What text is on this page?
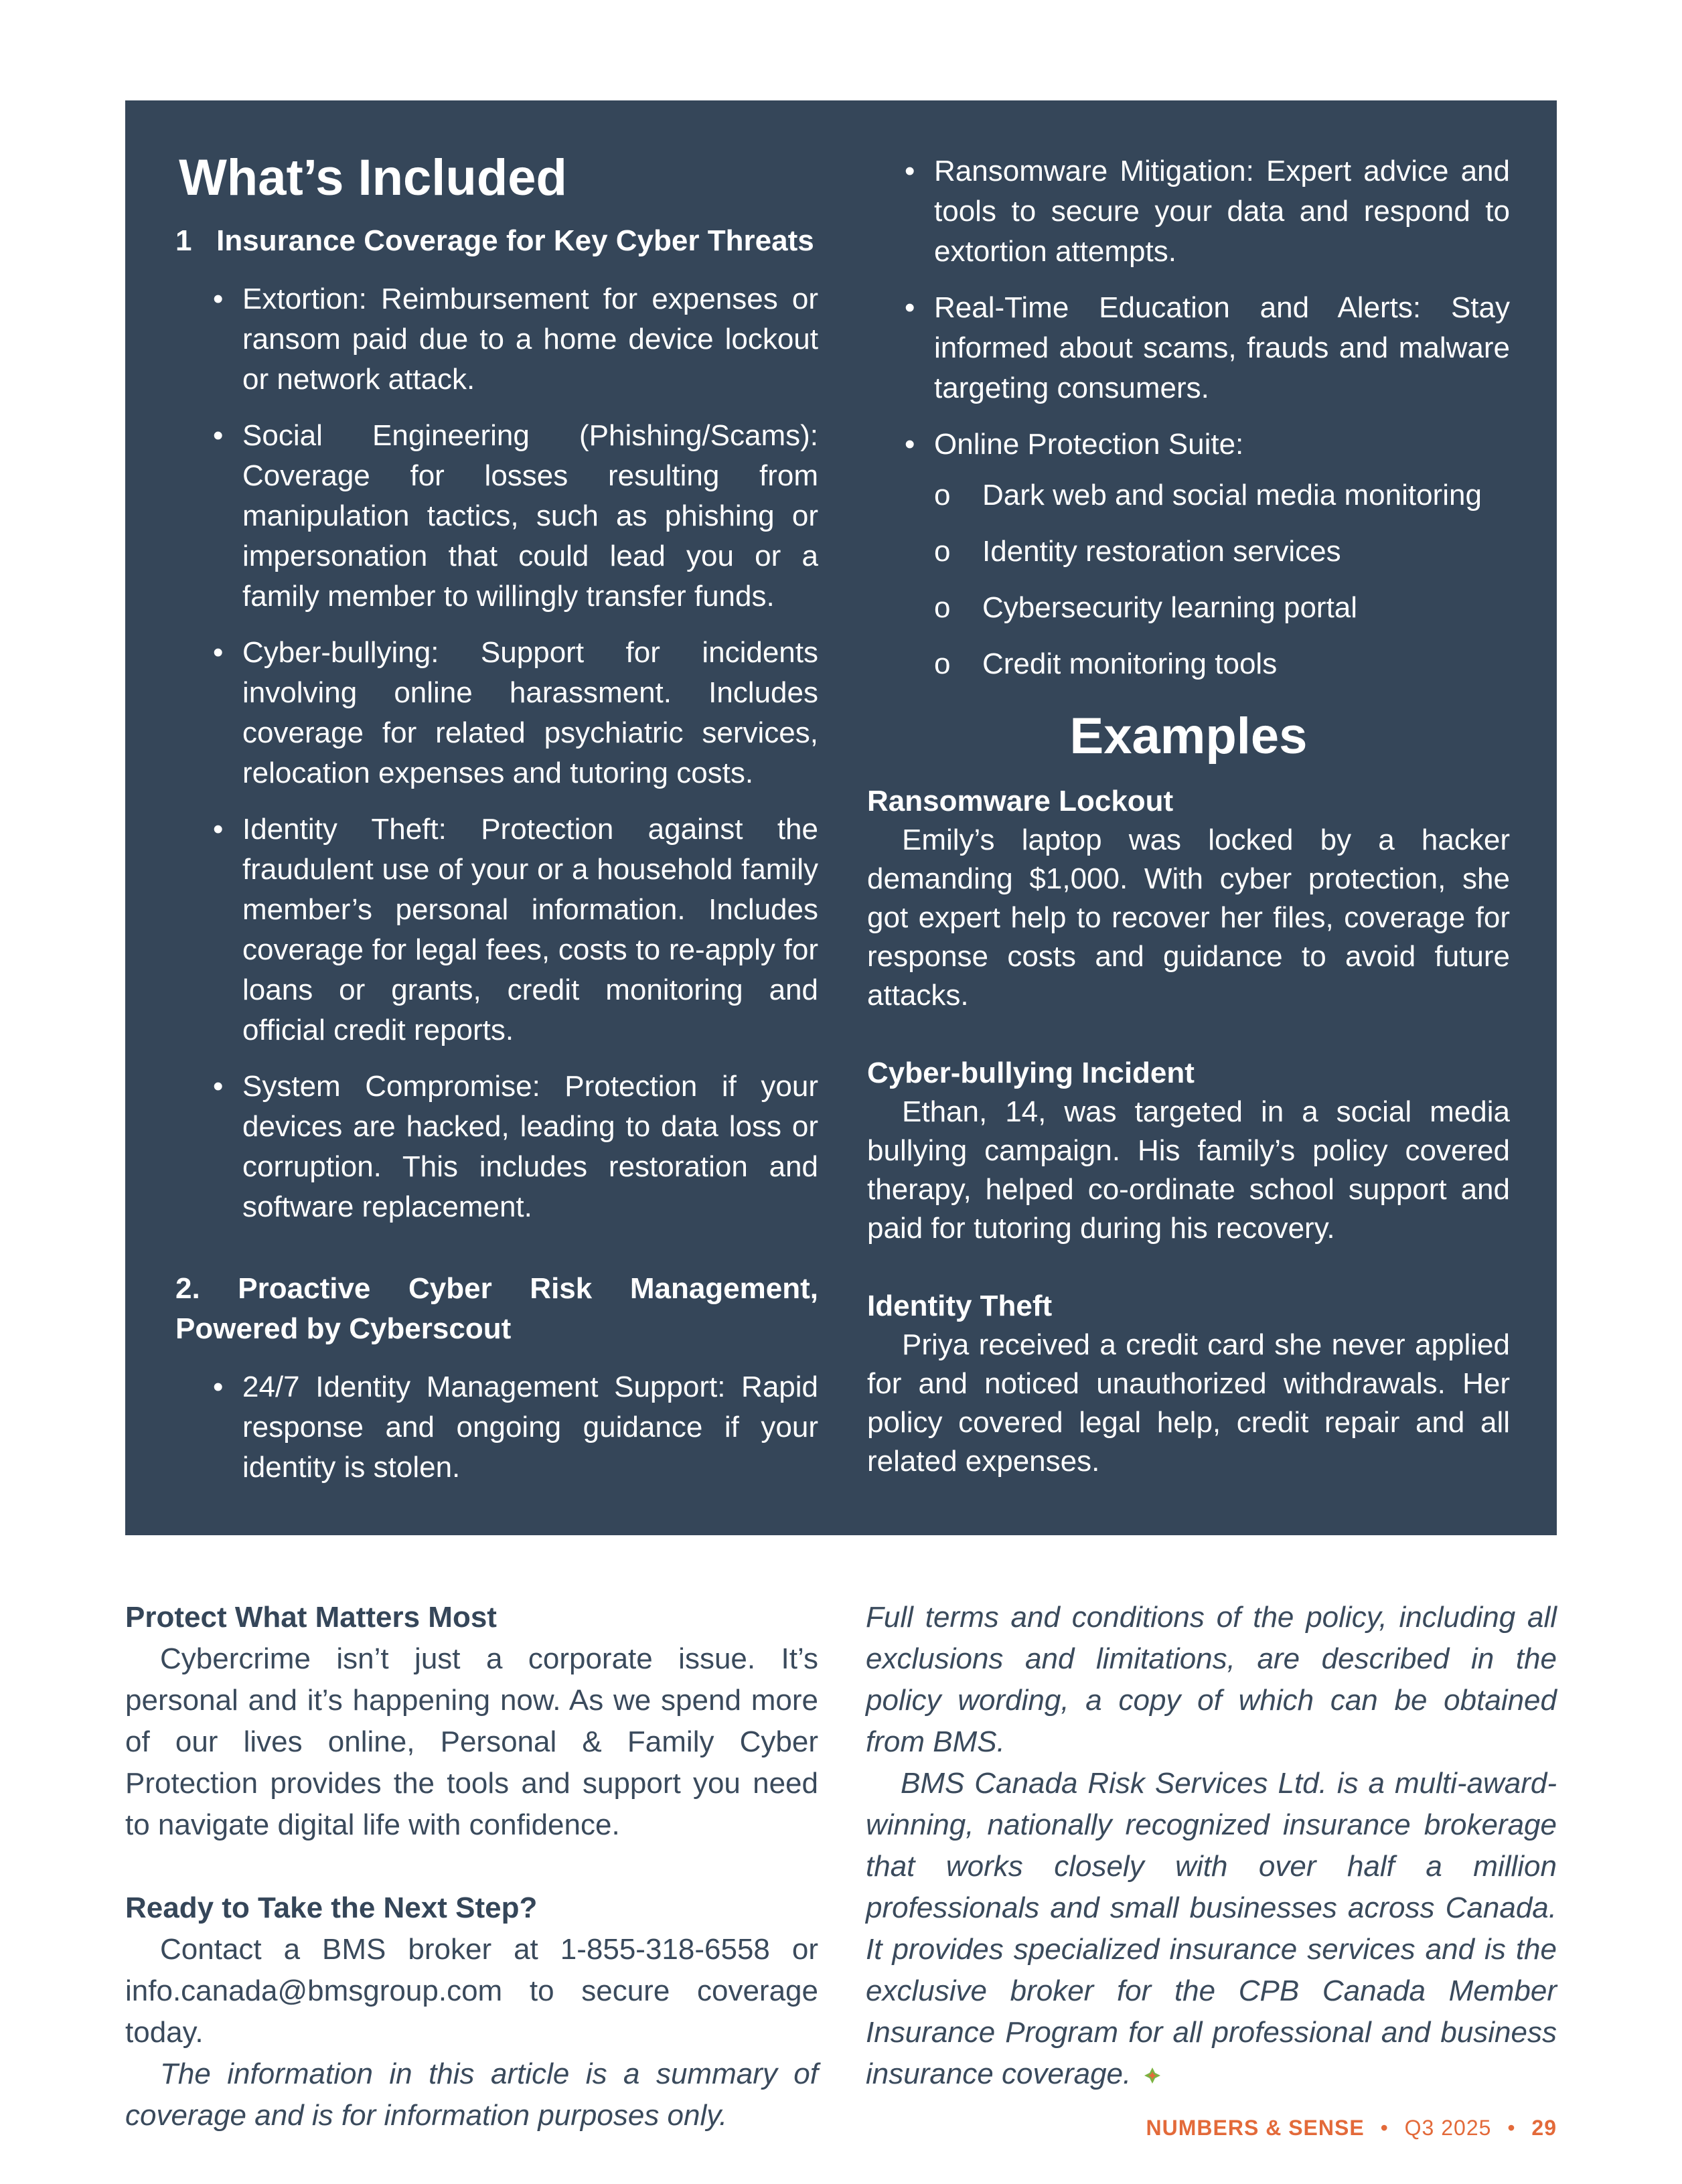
What’s Included

1   Insurance Coverage for Key Cyber Threats

• Extortion: Reimbursement for expenses or ransom paid due to a home device lockout or network attack.
• Social Engineering (Phishing/Scams): Coverage for losses resulting from manipulation tactics, such as phishing or impersonation that could lead you or a family member to willingly transfer funds.
• Cyber-bullying: Support for incidents involving online harassment. Includes coverage for related psychiatric services, relocation expenses and tutoring costs.
• Identity Theft: Protection against the fraudulent use of your or a household family member’s personal information. Includes coverage for legal fees, costs to re-apply for loans or grants, credit monitoring and official credit reports.
• System Compromise: Protection if your devices are hacked, leading to data loss or corruption. This includes restoration and software replacement.

2. Proactive Cyber Risk Management, Powered by Cyberscout

• 24/7 Identity Management Support: Rapid response and ongoing guidance if your identity is stolen.
• Ransomware Mitigation: Expert advice and tools to secure your data and respond to extortion attempts.
• Real-Time Education and Alerts: Stay informed about scams, frauds and malware targeting consumers.
• Online Protection Suite:
o Dark web and social media monitoring
o Identity restoration services
o Cybersecurity learning portal
o Credit monitoring tools
Examples

Ransomware Lockout

Emily’s laptop was locked by a hacker demanding $1,000. With cyber protection, she got expert help to recover her files, coverage for response costs and guidance to avoid future attacks.

Cyber-bullying Incident

Ethan, 14, was targeted in a social media bullying campaign. His family’s policy covered therapy, helped co-ordinate school support and paid for tutoring during his recovery.

Identity Theft

Priya received a credit card she never applied for and noticed unauthorized withdrawals. Her policy covered legal help, credit repair and all related expenses.

Protect What Matters Most

Cybercrime isn’t just a corporate issue. It’s personal and it’s happening now. As we spend more of our lives online, Personal & Family Cyber Protection provides the tools and support you need to navigate digital life with confidence.

Ready to Take the Next Step?

Contact a BMS broker at 1-855-318-6558 or info.canada@bmsgroup.com to secure coverage today.

The information in this article is a summary of coverage and is for information purposes only.

Full terms and conditions of the policy, including all exclusions and limitations, are described in the policy wording, a copy of which can be obtained from BMS.

BMS Canada Risk Services Ltd. is a multi-award-winning, nationally recognized insurance brokerage that works closely with over half a million professionals and small businesses across Canada. It provides specialized insurance services and is the exclusive broker for the CPB Canada Member Insurance Program for all professional and business insurance coverage.

NUMBERS & SENSE • Q3 2025 • 29
